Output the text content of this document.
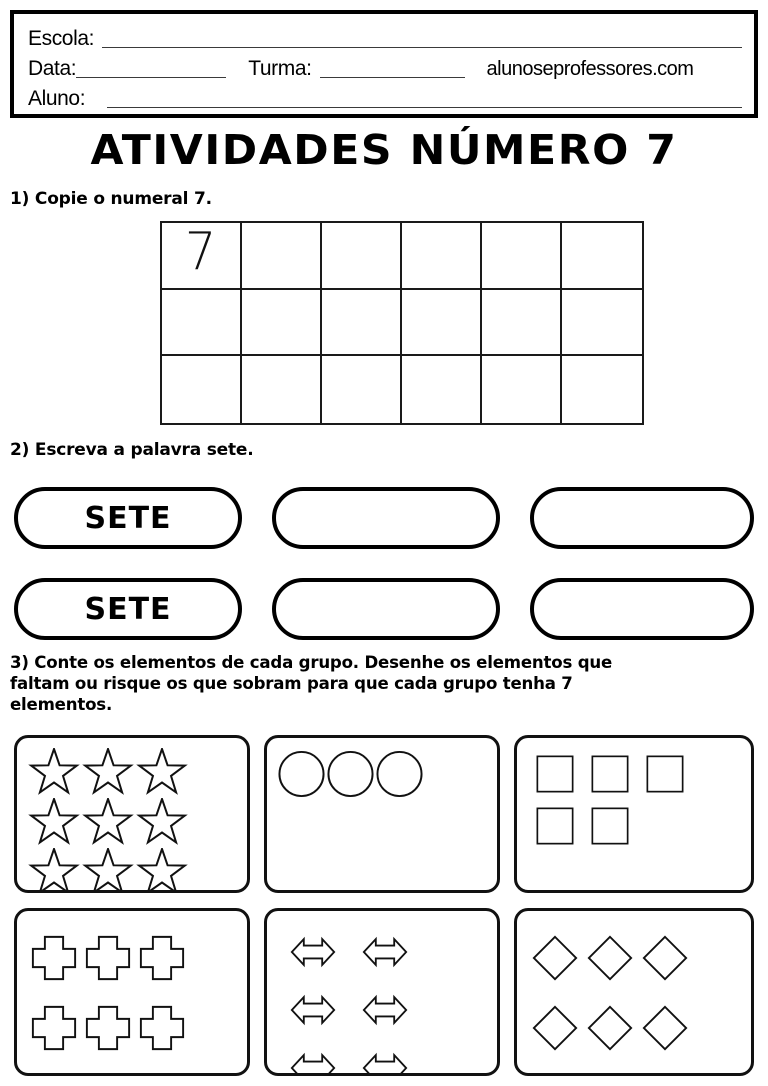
Escola:
Data:	Turma:	alunoseprofessores.com
Aluno:
ATIVIDADES NÚMERO 7
1) Copie o numeral 7.
7
2) Escreva a palavra sete.
SETE
SETE
3) Conte os elementos de cada grupo. Desenhe os elementos que
faltam ou risque os que sobram para que cada grupo tenha 7
elementos.
